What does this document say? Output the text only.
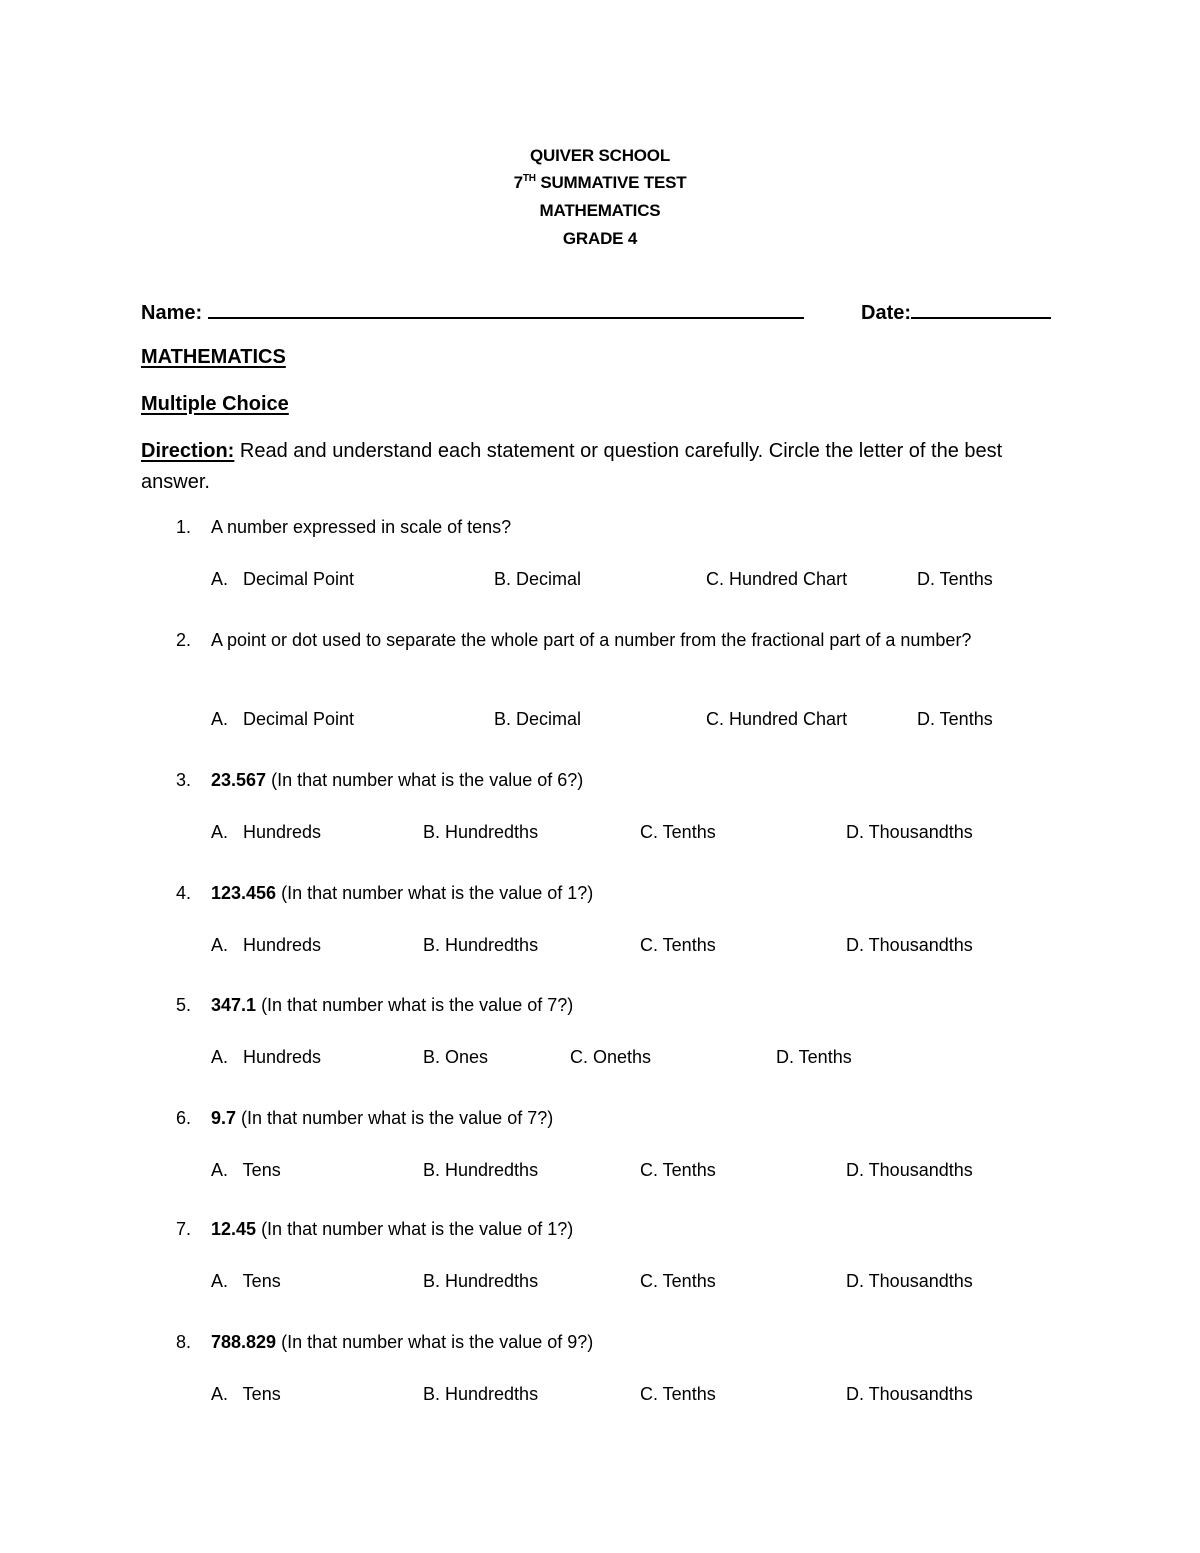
QUIVER SCHOOL
7TH SUMMATIVE TEST
MATHEMATICS
GRADE 4
Name:	Date:
MATHEMATICS
Multiple Choice
Direction: Read and understand each statement or question carefully. Circle the letter of the best answer.
1.	A number expressed in scale of tens?
A.   Decimal Point	B. Decimal	C. Hundred Chart	D. Tenths
2.	A point or dot used to separate the whole part of a number from the fractional part of a number?
A.   Decimal Point	B. Decimal	C. Hundred Chart	D. Tenths
3.	23.567 (In that number what is the value of 6?)
A.   Hundreds	B. Hundredths	C. Tenths	D. Thousandths
4.	123.456 (In that number what is the value of 1?)
A.   Hundreds	B. Hundredths	C. Tenths	D. Thousandths
5.	347.1 (In that number what is the value of 7?)
A.   Hundreds	B. Ones	C. Oneths	D. Tenths
6.	9.7 (In that number what is the value of 7?)
A.   Tens	B. Hundredths	C. Tenths	D. Thousandths
7.	12.45 (In that number what is the value of 1?)
A.   Tens	B. Hundredths	C. Tenths	D. Thousandths
8.	788.829 (In that number what is the value of 9?)
A.   Tens	B. Hundredths	C. Tenths	D. Thousandths
